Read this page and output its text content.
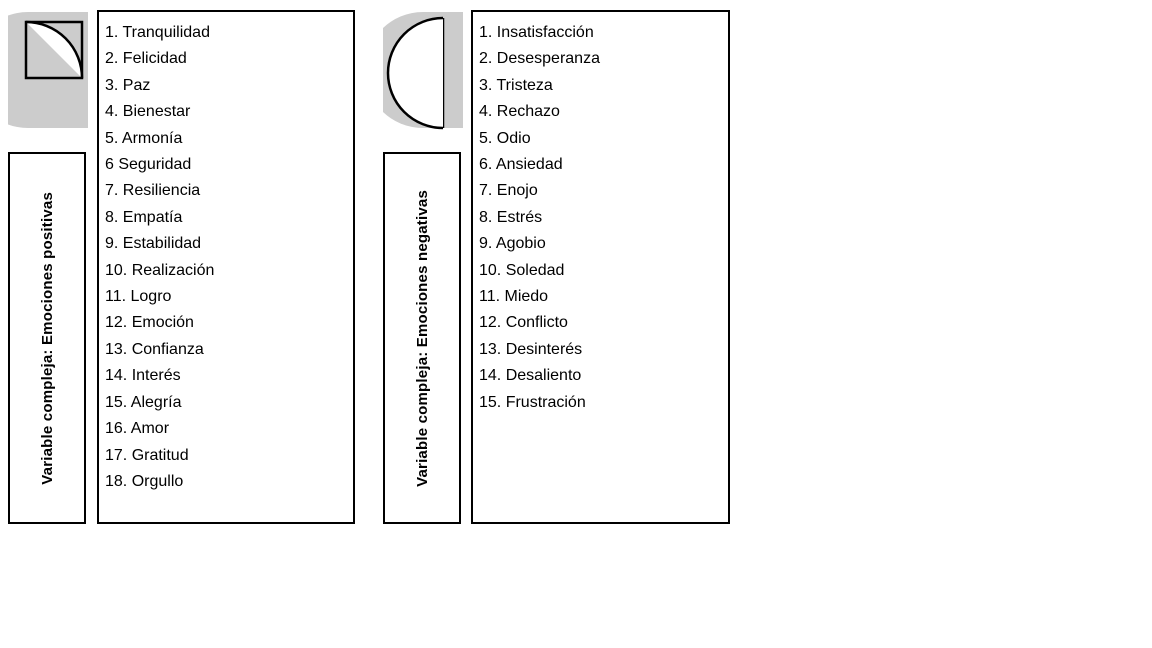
Variable compleja: Emociones positivas
1. Tranquilidad
2. Felicidad
3. Paz
4. Bienestar
5. Armonía
6 Seguridad
7. Resiliencia
8. Empatía
9. Estabilidad
10. Realización
11. Logro
12. Emoción
13. Confianza
14. Interés
15. Alegría
16. Amor
17. Gratitud
18. Orgullo	Variable compleja: Emociones negativas
1. Insatisfacción
2. Desesperanza
3. Tristeza
4. Rechazo
5. Odio
6. Ansiedad
7. Enojo
8. Estrés
9. Agobio
10. Soledad
11. Miedo
12. Conflicto
13. Desinterés
14. Desaliento
15. Frustración
